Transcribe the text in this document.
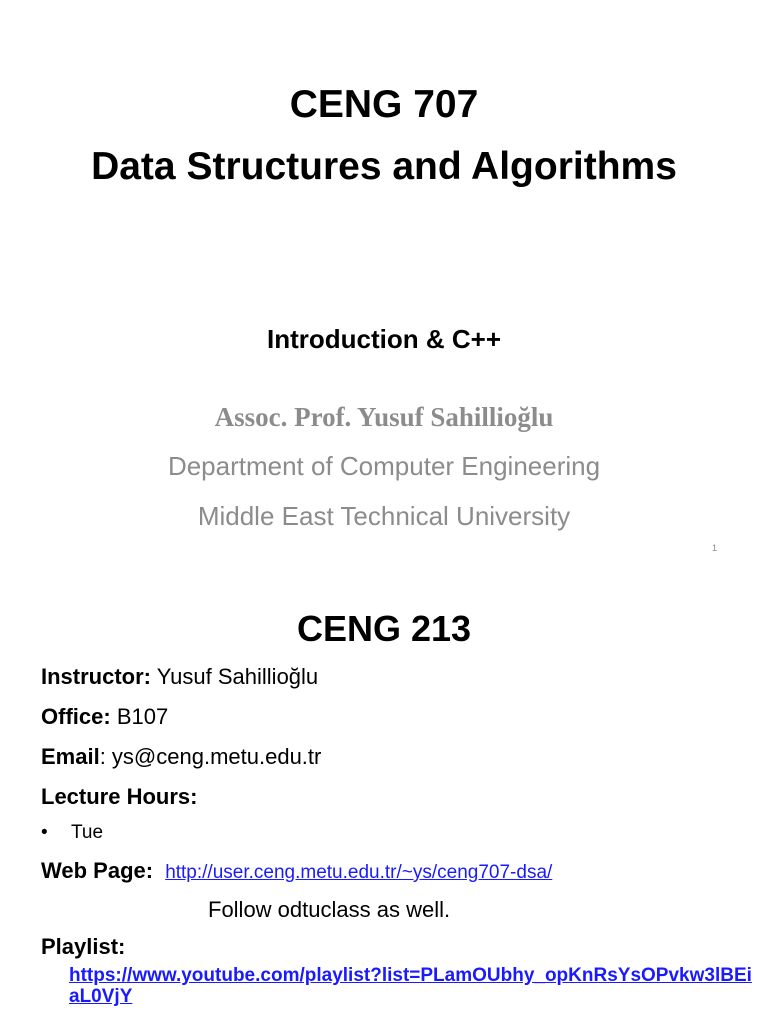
CENG 707
Data Structures and Algorithms
Introduction & C++
Assoc. Prof. Yusuf Sahillioğlu
Department of Computer Engineering
Middle East Technical University
1
CENG 213
Instructor: Yusuf Sahillioğlu
Office: B107
Email: ys@ceng.metu.edu.tr
Lecture Hours:
• Tue
Web Page: http://user.ceng.metu.edu.tr/~ys/ceng707-dsa/
Follow odtuclass as well.
Playlist:
https://www.youtube.com/playlist?list=PLamOUbhy_opKnRsYsOPvkw3lBEiaL0VjY
